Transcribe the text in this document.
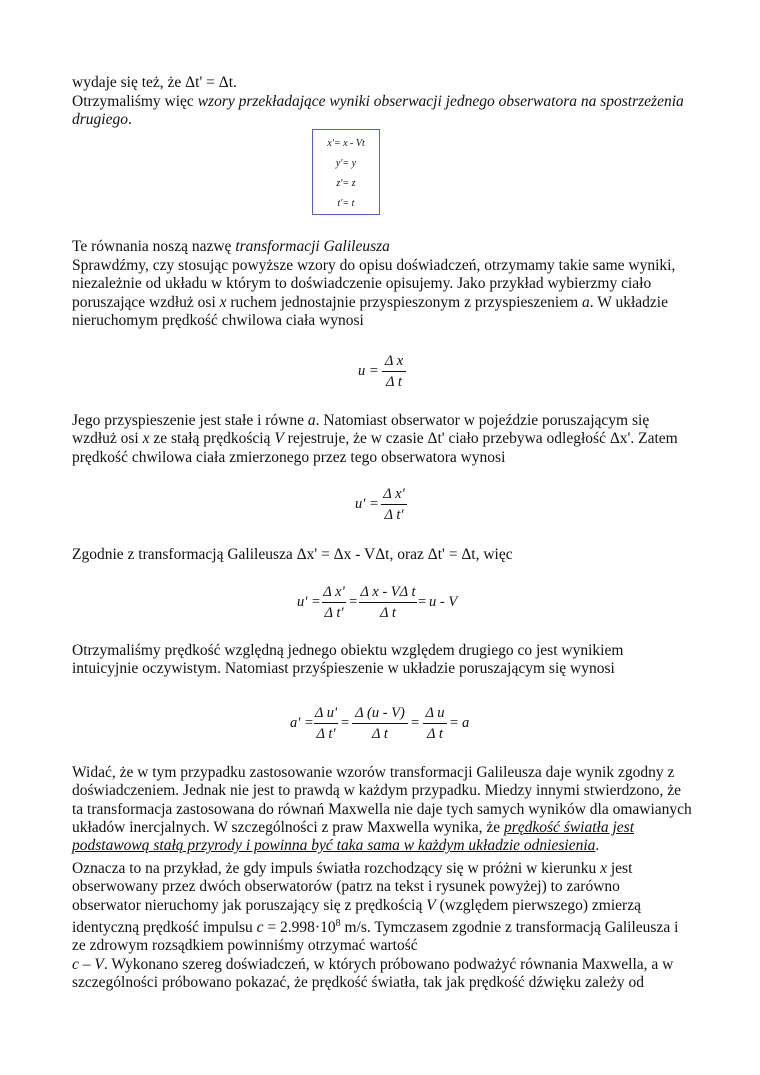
wydaje się też, że Δt' = Δt.

Otrzymaliśmy więc wzory przekładające wyniki obserwacji jednego obserwatora na spostrzeżenia drugiego.

x'= x - Vt
y'= y
z'= z
t'= t

Te równania noszą nazwę transformacji Galileusza

Sprawdźmy, czy stosując powyższe wzory do opisu doświadczeń, otrzymamy takie same wyniki, niezależnie od układu w którym to doświadczenie opisujemy. Jako przykład wybierzmy ciało poruszające wzdłuż osi x ruchem jednostajnie przyspieszonym z przyspieszeniem a. W układzie nieruchomym prędkość chwilowa ciała wynosi

u =
Δ x
Δ t

Jego przyspieszenie jest stałe i równe a. Natomiast obserwator w pojeździe poruszającym się wzdłuż osi x ze stałą prędkością V rejestruje, że w czasie Δt' ciało przebywa odległość Δx'. Zatem prędkość chwilowa ciała zmierzonego przez tego obserwatora wynosi

u' =
Δ x'
Δ t'

Zgodnie z transformacją Galileusza Δx' = Δx - VΔt, oraz Δt' = Δt, więc

u' =
Δ x'
Δ t'
=
Δ x - VΔ t
Δ t
= u - V

Otrzymaliśmy prędkość względną jednego obiektu względem drugiego co jest wynikiem intuicyjnie oczywistym. Natomiast przyśpieszenie w układzie poruszającym się wynosi

a' =
Δ u'
Δ t'
=
Δ (u - V)
Δ t
=
Δ u
Δ t
= a

Widać, że w tym przypadku zastosowanie wzorów transformacji Galileusza daje wynik zgodny z doświadczeniem. Jednak nie jest to prawdą w każdym przypadku. Miedzy innymi stwierdzono, że ta transformacja zastosowana do równań Maxwella nie daje tych samych wyników dla omawianych układów inercjalnych. W szczególności z praw Maxwella wynika, że prędkość światła jest podstawową stałą przyrody i powinna być taka sama w każdym układzie odniesienia.

Oznacza to na przykład, że gdy impuls światła rozchodzący się w próżni w kierunku x jest obserwowany przez dwóch obserwatorów (patrz na tekst i rysunek powyżej) to zarówno obserwator nieruchomy jak poruszający się z prędkością V (względem pierwszego) zmierzą identyczną prędkość impulsu $c = 2.998\cdot 10^8$ m/s. Tymczasem zgodnie z transformacją Galileusza i ze zdrowym rozsądkiem powinniśmy otrzymać wartość

c – V. Wykonano szereg doświadczeń, w których próbowano podważyć równania Maxwella, a w szczególności próbowano pokazać, że prędkość światła, tak jak prędkość dźwięku zależy od
